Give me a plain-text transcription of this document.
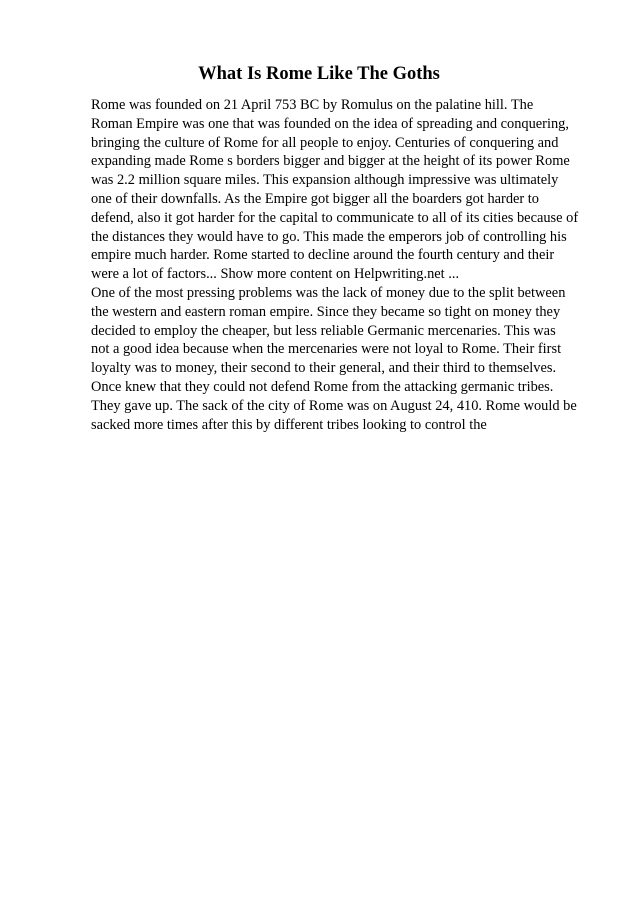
What Is Rome Like The Goths
Rome was founded on 21 April 753 BC by Romulus on the palatine hill. The
Roman Empire was one that was founded on the idea of spreading and conquering,
bringing the culture of Rome for all people to enjoy. Centuries of conquering and
expanding made Rome s borders bigger and bigger at the height of its power Rome
was 2.2 million square miles. This expansion although impressive was ultimately
one of their downfalls. As the Empire got bigger all the boarders got harder to
defend, also it got harder for the capital to communicate to all of its cities because of
the distances they would have to go. This made the emperors job of controlling his
empire much harder. Rome started to decline around the fourth century and their
were a lot of factors... Show more content on Helpwriting.net ...
One of the most pressing problems was the lack of money due to the split between
the western and eastern roman empire. Since they became so tight on money they
decided to employ the cheaper, but less reliable Germanic mercenaries. This was
not a good idea because when the mercenaries were not loyal to Rome. Their first
loyalty was to money, their second to their general, and their third to themselves.
Once knew that they could not defend Rome from the attacking germanic tribes.
They gave up. The sack of the city of Rome was on August 24, 410. Rome would be
sacked more times after this by different tribes looking to control the
